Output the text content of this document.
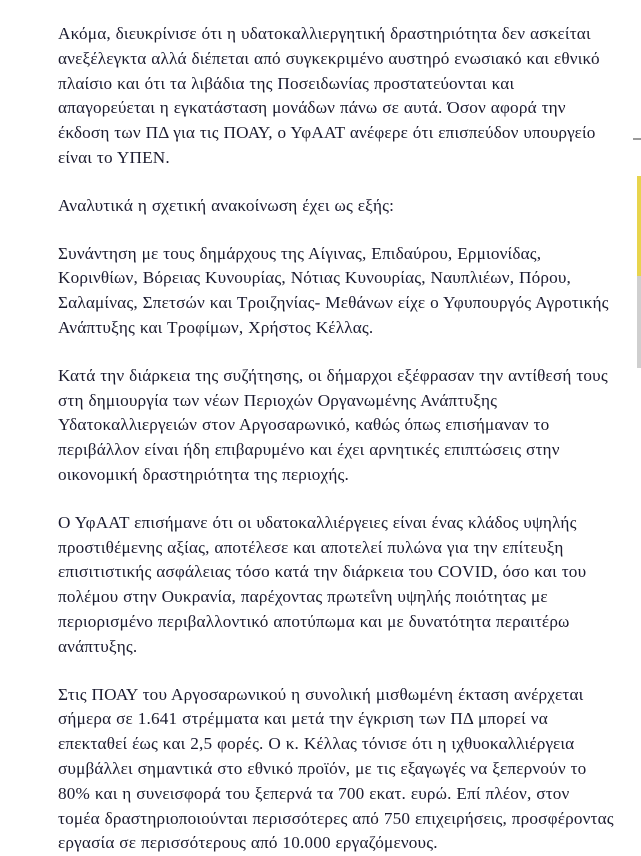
Ακόμα, διευκρίνισε ότι η υδατοκαλλιεργητική δραστηριότητα δεν ασκείται ανεξέλεγκτα αλλά διέπεται από συγκεκριμένο αυστηρό ενωσιακό και εθνικό πλαίσιο και ότι τα λιβάδια της Ποσειδωνίας προστατεύονται και απαγορεύεται η εγκατάσταση μονάδων πάνω σε αυτά. Όσον αφορά την έκδοση των ΠΔ για τις ΠΟΑΥ, ο ΥφΑΑΤ ανέφερε ότι επισπεύδον υπουργείο είναι το ΥΠΕΝ.

Αναλυτικά η σχετική ανακοίνωση έχει ως εξής:

Συνάντηση με τους δημάρχους της Αίγινας, Επιδαύρου, Ερμιονίδας, Κορινθίων, Βόρειας Κυνουρίας, Νότιας Κυνουρίας, Ναυπλιέων, Πόρου, Σαλαμίνας, Σπετσών και Τροιζηνίας- Μεθάνων είχε ο Υφυπουργός Αγροτικής Ανάπτυξης και Τροφίμων, Χρήστος Κέλλας.

Κατά την διάρκεια της συζήτησης, οι δήμαρχοι εξέφρασαν την αντίθεσή τους στη δημιουργία των νέων Περιοχών Οργανωμένης Ανάπτυξης Υδατοκαλλιεργειών στον Αργοσαρωνικό, καθώς όπως επισήμαναν το περιβάλλον είναι ήδη επιβαρυμένο και έχει αρνητικές επιπτώσεις στην οικονομική δραστηριότητα της περιοχής.

Ο ΥφΑΑΤ επισήμανε ότι οι υδατοκαλλιέργειες είναι ένας κλάδος υψηλής προστιθέμενης αξίας, αποτέλεσε και αποτελεί πυλώνα για την επίτευξη επισιτιστικής ασφάλειας τόσο κατά την διάρκεια του COVID, όσο και του πολέμου στην Ουκρανία, παρέχοντας πρωτεΐνη υψηλής ποιότητας με περιορισμένο περιβαλλοντικό αποτύπωμα και με δυνατότητα περαιτέρω ανάπτυξης.

Στις ΠΟΑΥ του Αργοσαρωνικού η συνολική μισθωμένη έκταση ανέρχεται σήμερα σε 1.641 στρέμματα και μετά την έγκριση των ΠΔ μπορεί να επεκταθεί έως και 2,5 φορές. Ο κ. Κέλλας τόνισε ότι η ιχθυοκαλλιέργεια συμβάλλει σημαντικά στο εθνικό προϊόν, με τις εξαγωγές να ξεπερνούν το 80% και η συνεισφορά του ξεπερνά τα 700 εκατ. ευρώ. Επί πλέον, στον τομέα δραστηριοποιούνται περισσότερες από 750 επιχειρήσεις, προσφέροντας εργασία σε περισσότερους από 10.000 εργαζόμενους.
